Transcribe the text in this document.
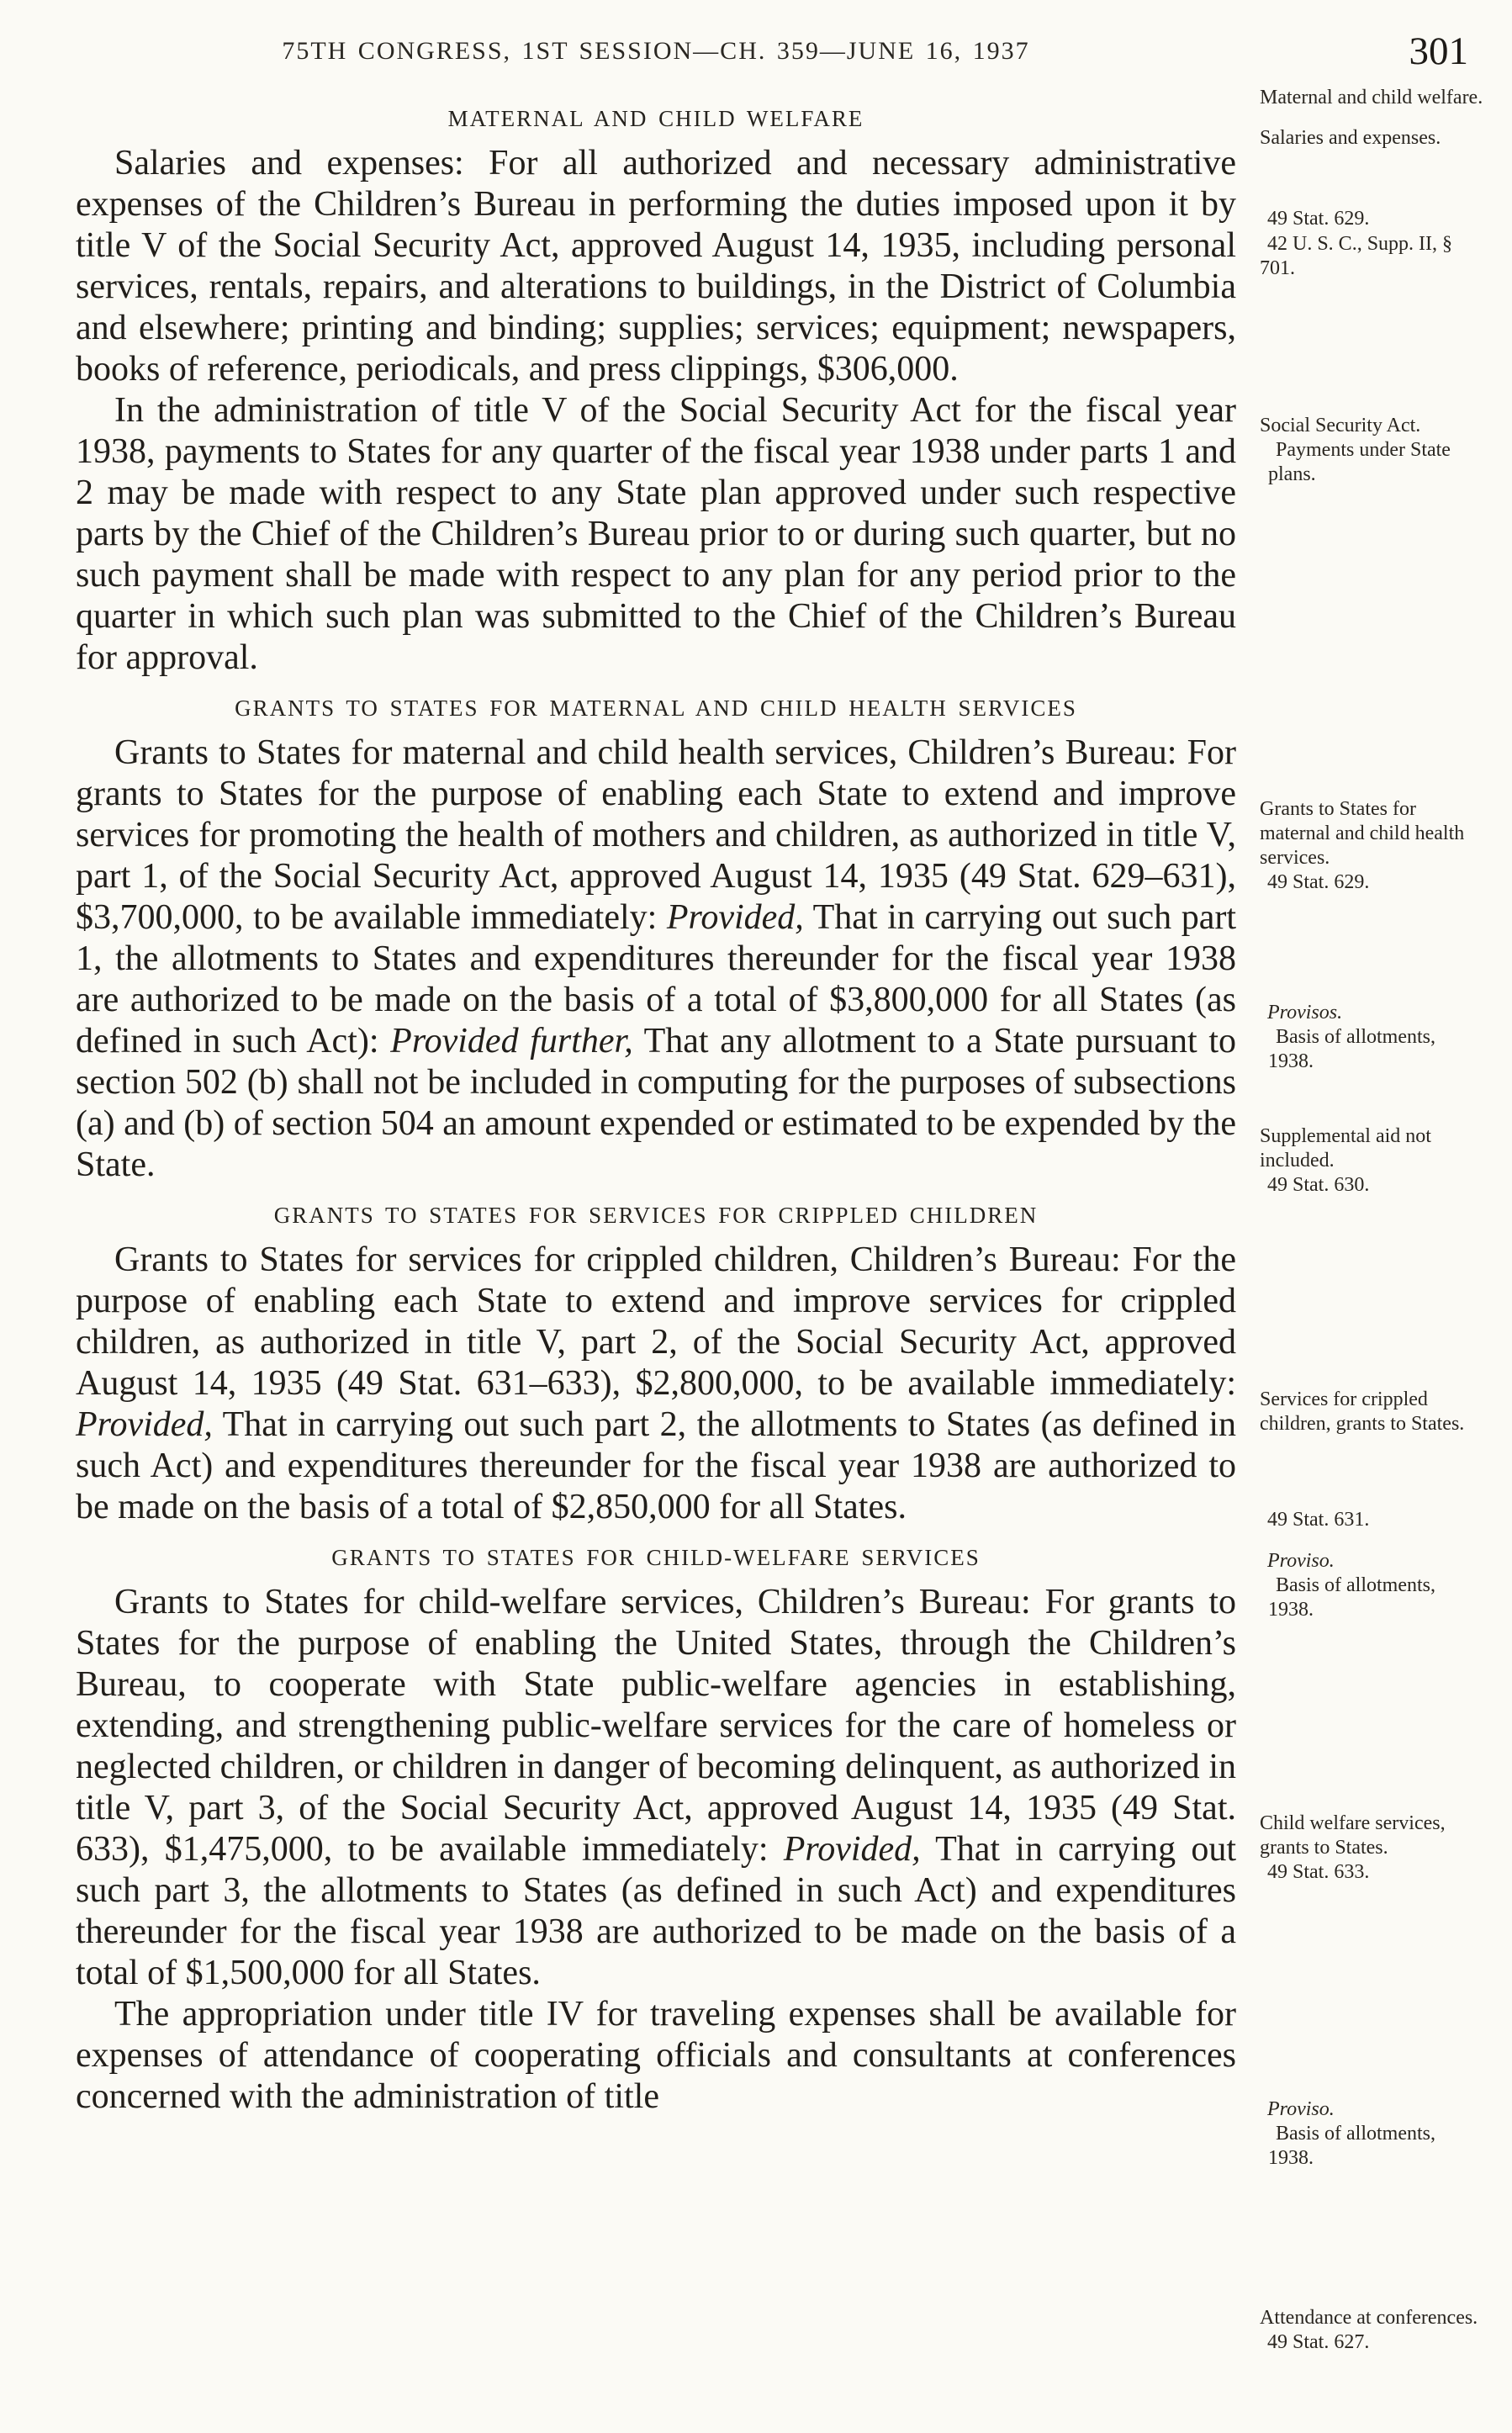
75TH CONGRESS, 1ST SESSION—CH. 359—JUNE 16, 1937	301
MATERNAL AND CHILD WELFARE

Salaries and expenses: For all authorized and necessary administrative expenses of the Children’s Bureau in performing the duties imposed upon it by title V of the Social Security Act, approved August 14, 1935, including personal services, rentals, repairs, and alterations to buildings, in the District of Columbia and elsewhere; printing and binding; supplies; services; equipment; newspapers, books of reference, periodicals, and press clippings, $306,000.

In the administration of title V of the Social Security Act for the fiscal year 1938, payments to States for any quarter of the fiscal year 1938 under parts 1 and 2 may be made with respect to any State plan approved under such respective parts by the Chief of the Children’s Bureau prior to or during such quarter, but no such payment shall be made with respect to any plan for any period prior to the quarter in which such plan was submitted to the Chief of the Children’s Bureau for approval.

GRANTS TO STATES FOR MATERNAL AND CHILD HEALTH SERVICES

Grants to States for maternal and child health services, Children’s Bureau: For grants to States for the purpose of enabling each State to extend and improve services for promoting the health of mothers and children, as authorized in title V, part 1, of the Social Security Act, approved August 14, 1935 (49 Stat. 629–631), $3,700,000, to be available immediately: Provided, That in carrying out such part 1, the allotments to States and expenditures thereunder for the fiscal year 1938 are authorized to be made on the basis of a total of $3,800,000 for all States (as defined in such Act): Provided further, That any allotment to a State pursuant to section 502 (b) shall not be included in computing for the purposes of subsections (a) and (b) of section 504 an amount expended or estimated to be expended by the State.

GRANTS TO STATES FOR SERVICES FOR CRIPPLED CHILDREN

Grants to States for services for crippled children, Children’s Bureau: For the purpose of enabling each State to extend and improve services for crippled children, as authorized in title V, part 2, of the Social Security Act, approved August 14, 1935 (49 Stat. 631–633), $2,800,000, to be available immediately: Provided, That in carrying out such part 2, the allotments to States (as defined in such Act) and expenditures thereunder for the fiscal year 1938 are authorized to be made on the basis of a total of $2,850,000 for all States.

GRANTS TO STATES FOR CHILD-WELFARE SERVICES

Grants to States for child-welfare services, Children’s Bureau: For grants to States for the purpose of enabling the United States, through the Children’s Bureau, to cooperate with State public-welfare agencies in establishing, extending, and strengthening public-welfare services for the care of homeless or neglected children, or children in danger of becoming delinquent, as authorized in title V, part 3, of the Social Security Act, approved August 14, 1935 (49 Stat. 633), $1,475,000, to be available immediately: Provided, That in carrying out such part 3, the allotments to States (as defined in such Act) and expenditures thereunder for the fiscal year 1938 are authorized to be made on the basis of a total of $1,500,000 for all States.

The appropriation under title IV for traveling expenses shall be available for expenses of attendance of cooperating officials and consultants at conferences concerned with the administration of title

Maternal and child welfare.
Salaries and expenses.
49 Stat. 629.
42 U. S. C., Supp. II, § 701.
Social Security Act.
Payments under State plans.
Grants to States for maternal and child health services.
49 Stat. 629.
Provisos.
Basis of allotments, 1938.
Supplemental aid not included.
49 Stat. 630.
Services for crippled children, grants to States.
49 Stat. 631.
Proviso.
Basis of allotments, 1938.
Child welfare services, grants to States.
49 Stat. 633.
Proviso.
Basis of allotments, 1938.
Attendance at conferences.
49 Stat. 627.
